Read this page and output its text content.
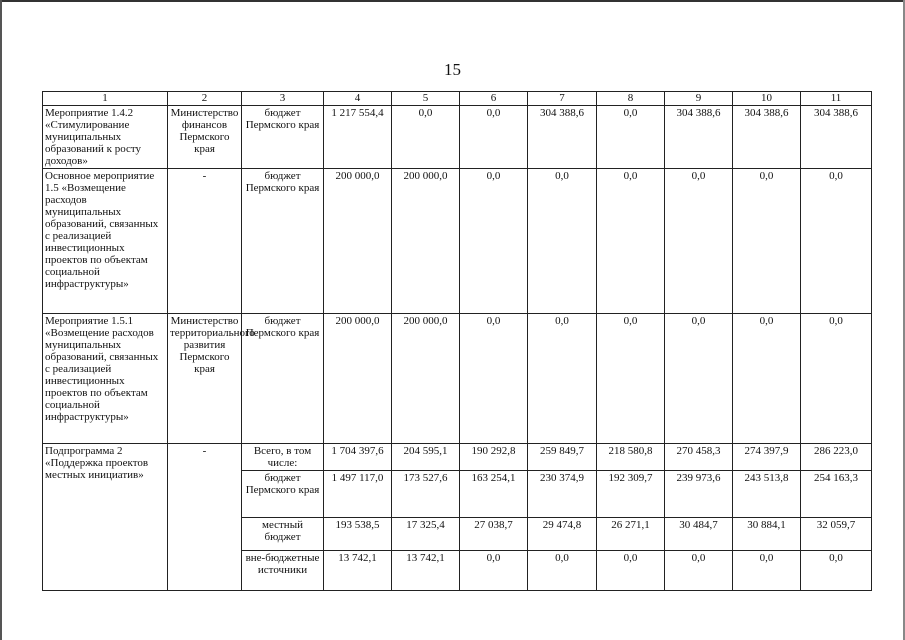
15
1	2	3	4	5	6	7	8	9	10	11
Мероприятие 1.4.2 «Стимулирование муниципальных образований к росту доходов»	Министерство финансов Пермского края	бюджет Пермского края	1 217 554,4	0,0	0,0	304 388,6	0,0	304 388,6	304 388,6	304 388,6
Основное мероприятие 1.5 «Возмещение расходов муниципальных образований, связанных с реализацией инвестиционных проектов по объектам социальной инфраструктуры»	-	бюджет Пермского края	200 000,0	200 000,0	0,0	0,0	0,0	0,0	0,0	0,0
Мероприятие 1.5.1 «Возмещение расходов муниципальных образований, связанных с реализацией инвестиционных проектов по объектам социальной инфраструктуры»	Министерство территориального развития Пермского края	бюджет Пермского края	200 000,0	200 000,0	0,0	0,0	0,0	0,0	0,0	0,0
Подпрограмма 2 «Поддержка проектов местных инициатив»	-	Всего, в том числе:	1 704 397,6	204 595,1	190 292,8	259 849,7	218 580,8	270 458,3	274 397,9	286 223,0
		бюджет Пермского края	1 497 117,0	173 527,6	163 254,1	230 374,9	192 309,7	239 973,6	243 513,8	254 163,3
		местный бюджет	193 538,5	17 325,4	27 038,7	29 474,8	26 271,1	30 484,7	30 884,1	32 059,7
		вне-бюджетные источники	13 742,1	13 742,1	0,0	0,0	0,0	0,0	0,0	0,0
